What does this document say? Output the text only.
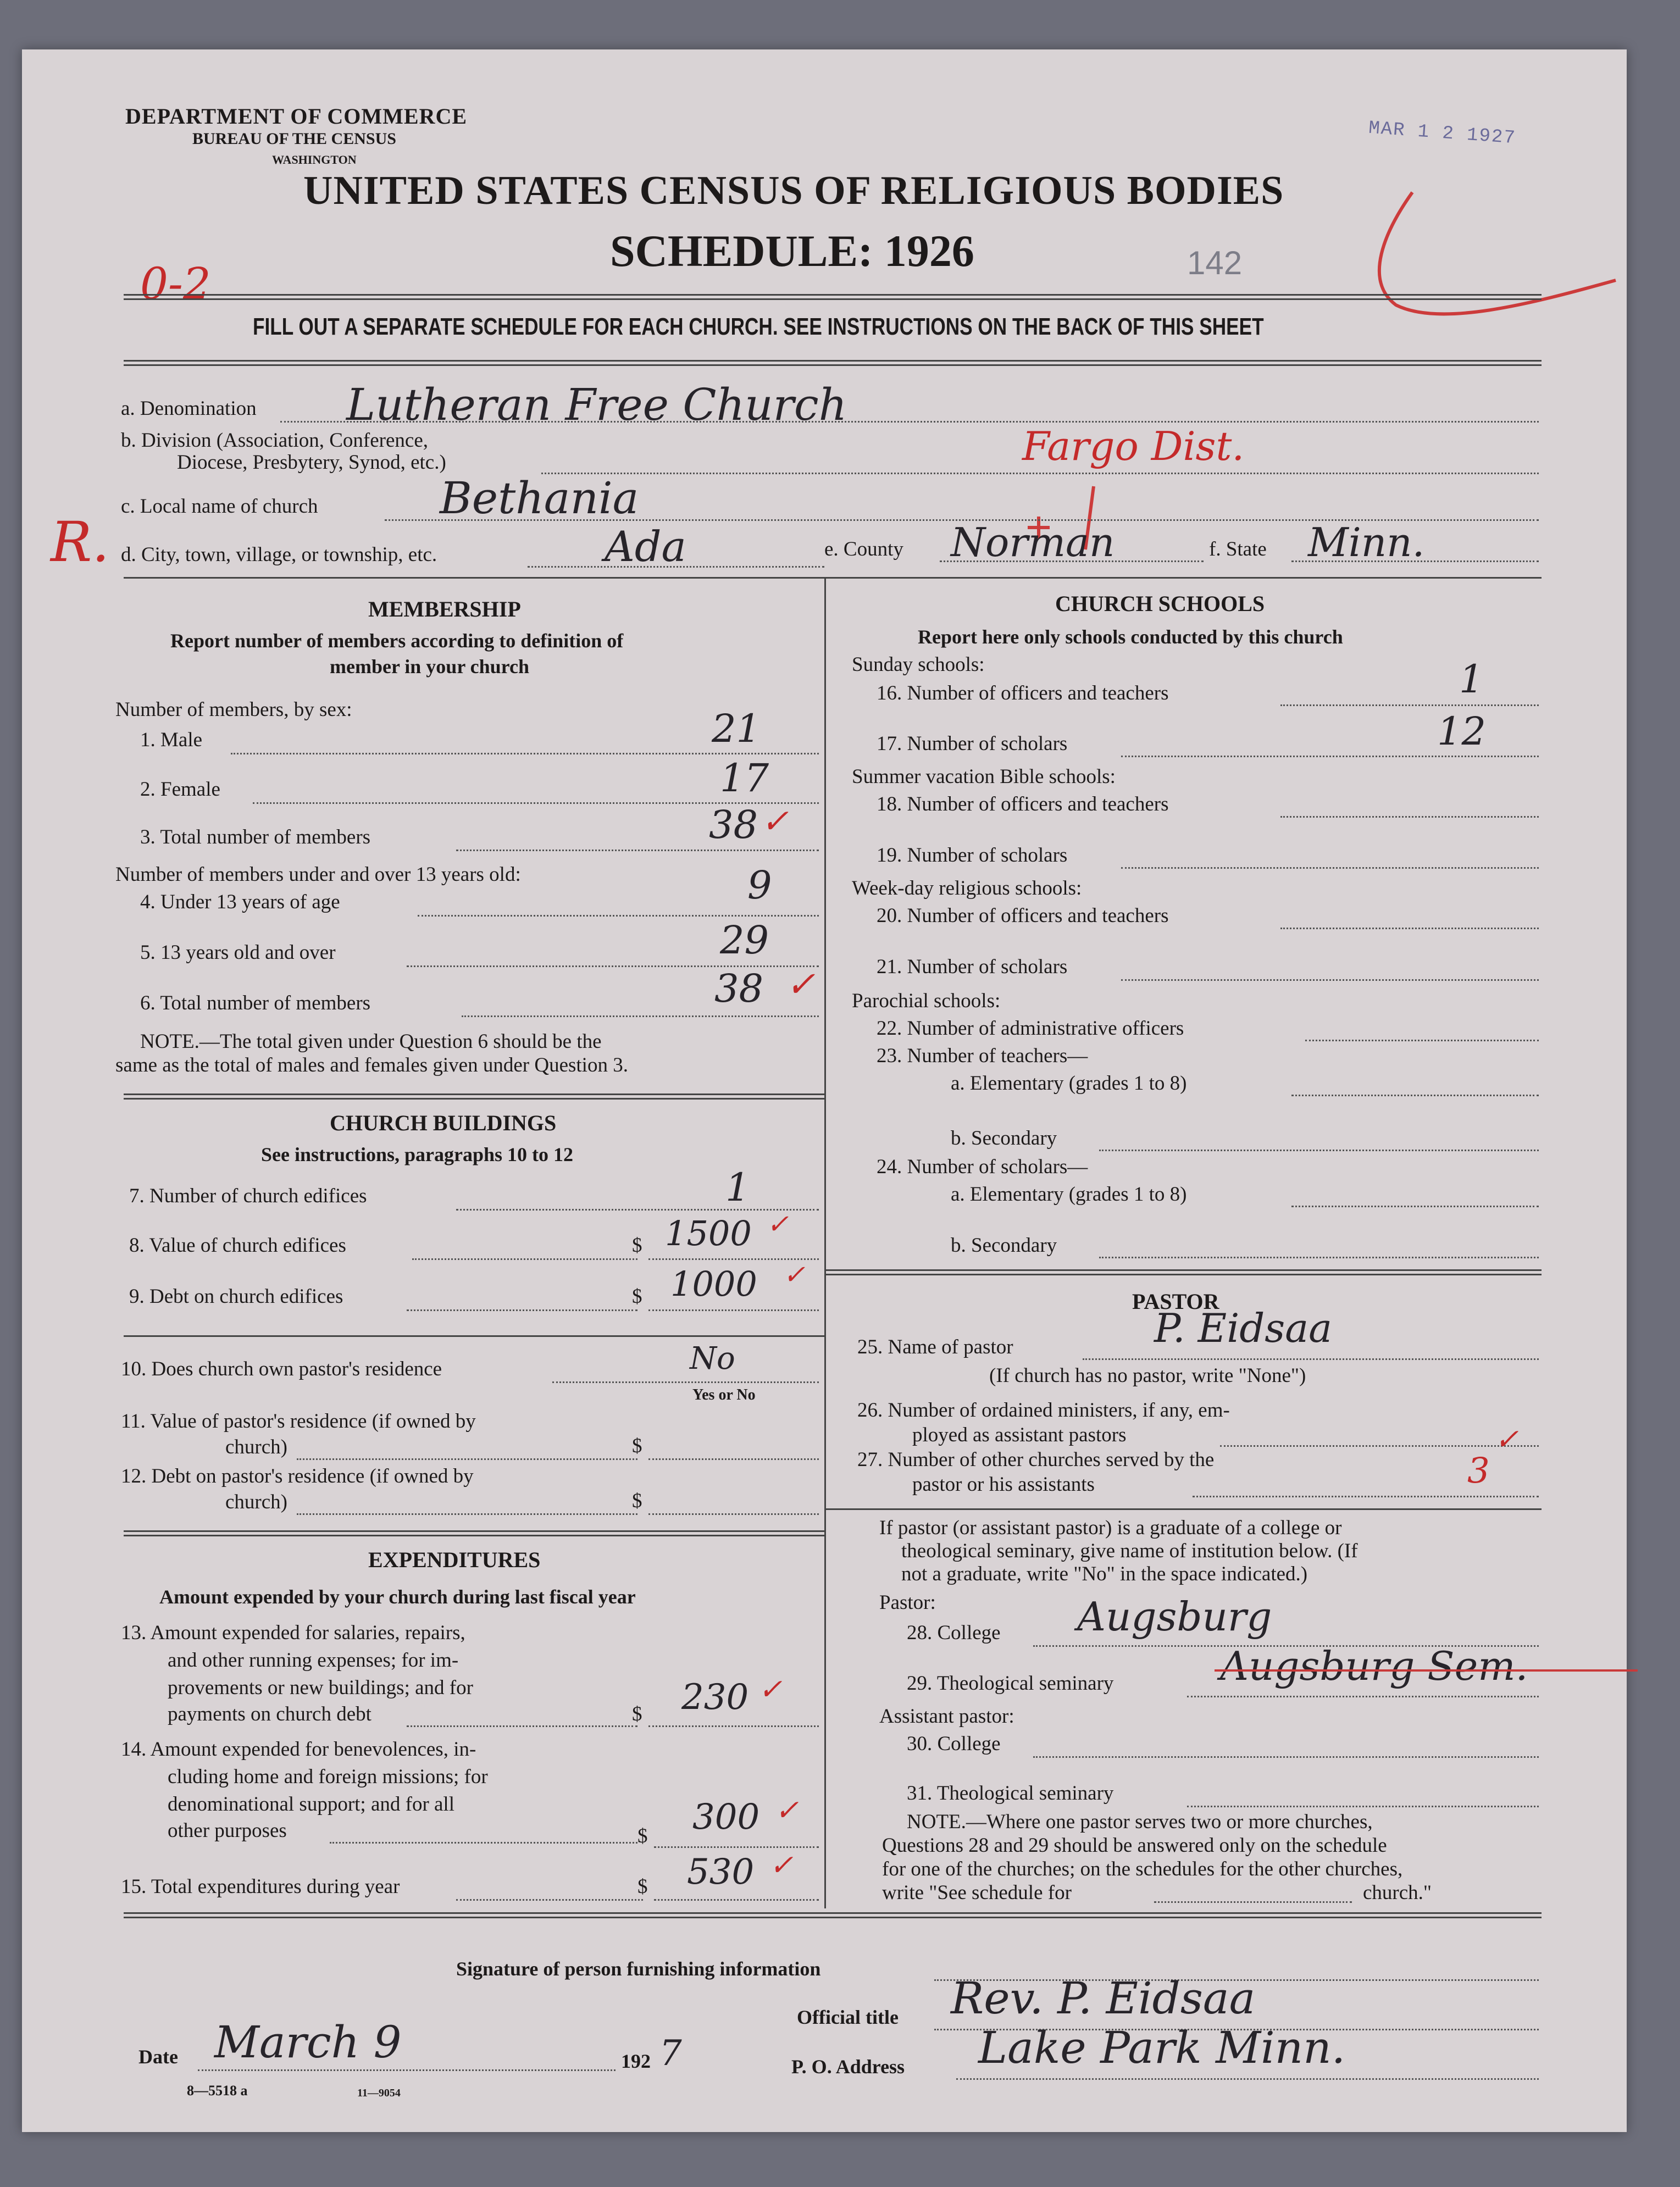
DEPARTMENT OF COMMERCE
BUREAU OF THE CENSUS
WASHINGTON
UNITED STATES CENSUS OF RELIGIOUS BODIES
SCHEDULE: 1926
MAR 1 2 1927
142
0-2
R.
FILL OUT A SEPARATE SCHEDULE FOR EACH CHURCH. SEE INSTRUCTIONS ON THE BACK OF THIS SHEET
a. Denomination Lutheran Free Church
b. Division (Association, Conference,
Diocese, Presbytery, Synod, etc.)	Fargo Dist.
c. Local name of church	Bethania
d. City, town, village, or township, etc.	Ada	e. County Norman	f. State Minn.
MEMBERSHIP
Report number of members according to definition of
member in your church
Number of members, by sex:
1. Male	21
2. Female	17
3. Total number of members	38 ✓
Number of members under and over 13 years old:
4. Under 13 years of age	9
5. 13 years old and over	29
6. Total number of members	38 ✓
NOTE.—The total given under Question 6 should be the
same as the total of males and females given under Question 3.
CHURCH BUILDINGS
See instructions, paragraphs 10 to 12
7. Number of church edifices	1
8. Value of church edifices	$ 1500 ✓
9. Debt on church edifices	$ 1000 ✓
10. Does church own pastor's residence	No
Yes or No
11. Value of pastor's residence (if owned by
church)	$
12. Debt on pastor's residence (if owned by
church)	$
EXPENDITURES
Amount expended by your church during last fiscal year
13. Amount expended for salaries, repairs,
and other running expenses; for im-
provements or new buildings; and for
payments on church debt	$ 230 ✓
14. Amount expended for benevolences, in-
cluding home and foreign missions; for
denominational support; and for all
other purposes	$ 300 ✓
15. Total expenditures during year	$ 530 ✓
CHURCH SCHOOLS
Report here only schools conducted by this church
Sunday schools:
16. Number of officers and teachers	1
17. Number of scholars	12
Summer vacation Bible schools:
18. Number of officers and teachers
19. Number of scholars
Week-day religious schools:
20. Number of officers and teachers
21. Number of scholars
Parochial schools:
22. Number of administrative officers
23. Number of teachers—
a. Elementary (grades 1 to 8)
b. Secondary
24. Number of scholars—
a. Elementary (grades 1 to 8)
b. Secondary
PASTOR
25. Name of pastor	P. Eidsaa
(If church has no pastor, write "None")
26. Number of ordained ministers, if any, em-
ployed as assistant pastors
27. Number of other churches served by the
pastor or his assistants	3
✓
If pastor (or assistant pastor) is a graduate of a college or
theological seminary, give name of institution below. (If
not a graduate, write "No" in the space indicated.)
Pastor:
28. College Augsburg
29. Theological seminary	Augsburg Sem.
Assistant pastor:
30. College
31. Theological seminary
NOTE.—Where one pastor serves two or more churches,
Questions 28 and 29 should be answered only on the schedule
for one of the churches; on the schedules for the other churches,
write "See schedule for	church."
Signature of person furnishing information
Official title Rev. P. Eidsaa
Date March 9	192 7	P. O. Address Lake Park Minn.
8—5518 a	11—9054
